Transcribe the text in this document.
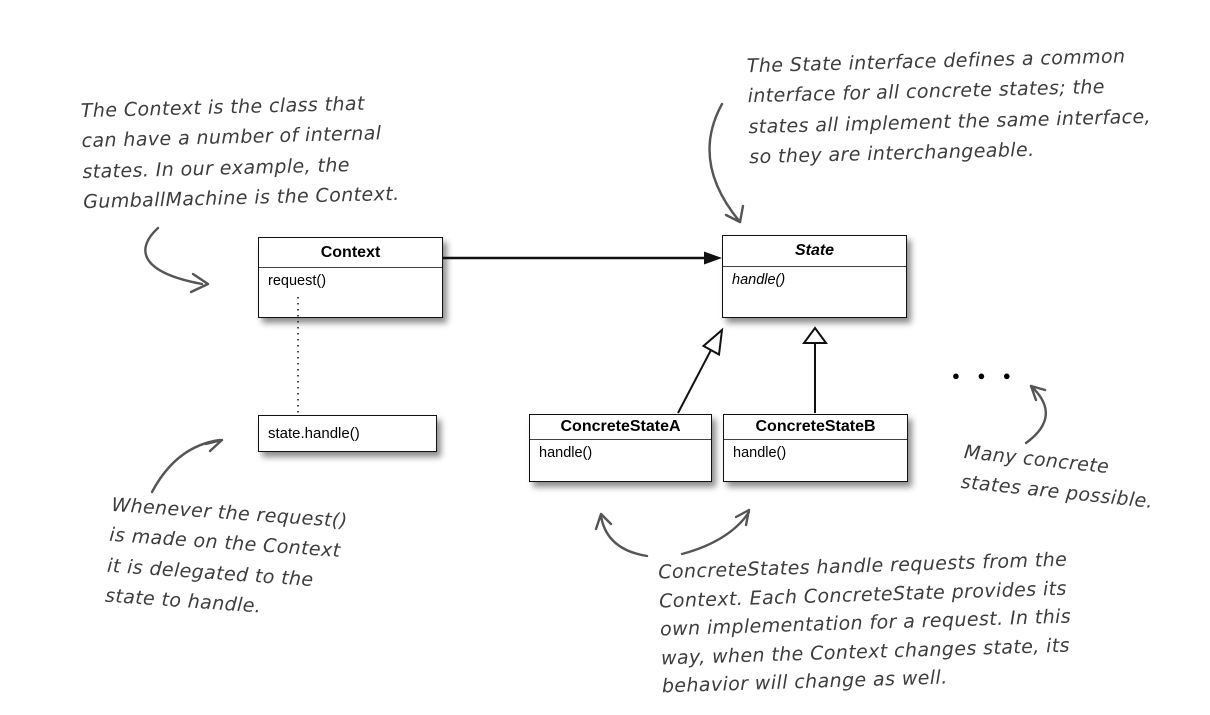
The Context is the class that
can have a number of internal
states. In our example, the
GumballMachine is the Context.
The State interface defines a common
interface for all concrete states; the
states all implement the same interface,
so they are interchangeable.
Whenever the request()
is made on the Context
it is delegated to the
state to handle.
ConcreteStates handle requests from the
Context. Each ConcreteState provides its
own implementation for a request. In this
way, when the Context changes state, its
behavior will change as well.
Many concrete
states are possible.
Context
request()
State
handle()
ConcreteStateA
handle()
ConcreteStateB
handle()
state.handle()
● ● ●
